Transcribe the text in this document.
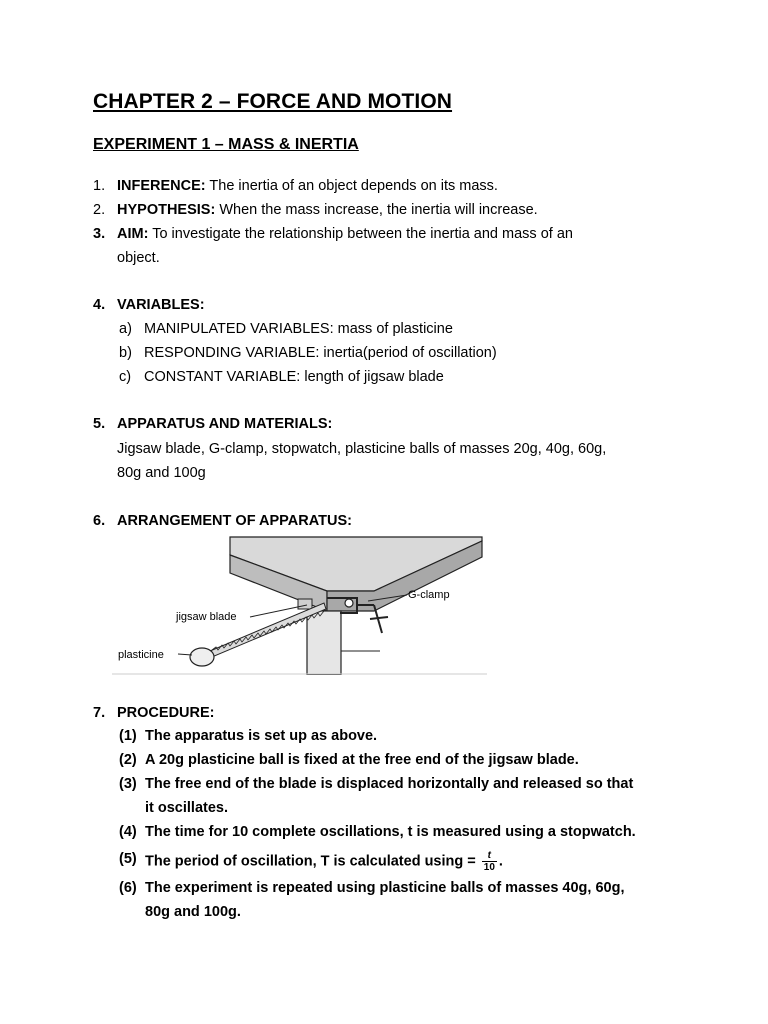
CHAPTER 2 – FORCE AND MOTION
EXPERIMENT 1 – MASS & INERTIA
1. INFERENCE: The inertia of an object depends on its mass.
2. HYPOTHESIS: When the mass increase, the inertia will increase.
3. AIM: To investigate the relationship between the inertia and mass of an
object.
4. VARIABLES:
a) MANIPULATED VARIABLES: mass of plasticine
b) RESPONDING VARIABLE: inertia(period of oscillation)
c) CONSTANT VARIABLE: length of jigsaw blade
5. APPARATUS AND MATERIALS:
Jigsaw blade, G-clamp, stopwatch, plasticine balls of masses 20g, 40g, 60g,
80g and 100g
6. ARRANGEMENT OF APPARATUS:
G-clamp
jigsaw blade
plasticine
7. PROCEDURE:
(1) The apparatus is set up as above.
(2) A 20g plasticine ball is fixed at the free end of the jigsaw blade.
(3) The free end of the blade is displaced horizontally and released so that
it oscillates.
(4) The time for 10 complete oscillations, t is measured using a stopwatch.
(5) The period of oscillation, T is calculated $using = \frac{t}{10}$ .
(6) The experiment is repeated using plasticine balls of masses 40g, 60g,
80g and 100g.
